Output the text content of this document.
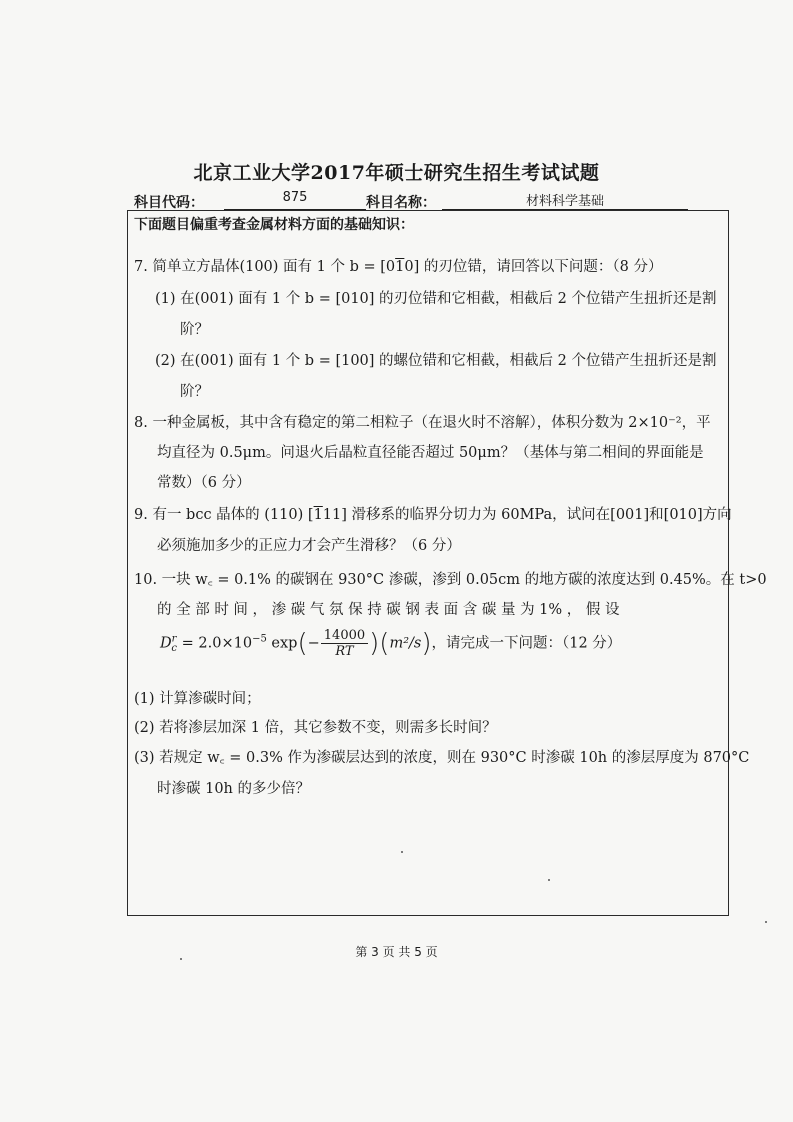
北京工业大学2017年硕士研究生招生考试试题
科目代码：	875	科目名称：	材料科学基础
下面题目偏重考查金属材料方面的基础知识：
7. 简单立方晶体(100) 面有 1 个 b = [010] 的刃位错，请回答以下问题：（8 分）
(1) 在(001) 面有 1 个 b = [010] 的刃位错和它相截，相截后 2 个位错产生扭折还是割
阶？
(2) 在(001) 面有 1 个 b = [100] 的螺位错和它相截，相截后 2 个位错产生扭折还是割
阶？
8. 一种金属板，其中含有稳定的第二相粒子（在退火时不溶解），体积分数为 2×10⁻²，平
均直径为 0.5μm。问退火后晶粒直径能否超过 50μm？（基体与第二相间的界面能是
常数）（6 分）
9. 有一 bcc 晶体的 (110) [111] 滑移系的临界分切力为 60MPa，试问在[001]和[010]方向
必须施加多少的正应力才会产生滑移？（6 分）
10. 一块 w꜀ = 0.1% 的碳钢在 930°C 渗碳，渗到 0.05cm 的地方碳的浓度达到 0.45%。在 t>0
的 全 部 时 间 ， 渗 碳 气 氛 保 持 碳 钢 表 面 含 碳 量 为 1% ， 假 设
$D^r_c = 2.0\times 10^{-5}$ $\exp(- \frac{14000}{RT} )(m^2/s)$，请完成一下问题：（12 分）
(1) 计算渗碳时间；
(2) 若将渗层加深 1 倍，其它参数不变，则需多长时间？
(3) 若规定 w꜀ = 0.3% 作为渗碳层达到的浓度，则在 930°C 时渗碳 10h 的渗层厚度为 870°C
时渗碳 10h 的多少倍？
第 3 页 共 5 页
